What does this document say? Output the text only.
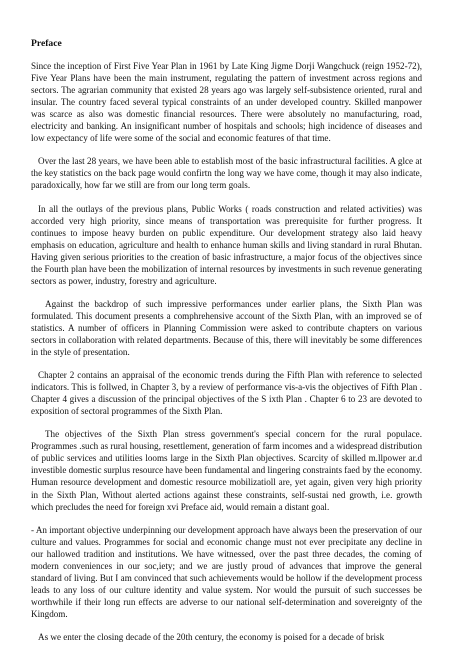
Preface

Since the inception of First Five Year Plan in 1961 by Late King Jigme Dorji Wangchuck (reign 1952-72), Five Year Plans have been the main instrument, regulating the pattern of investment across regions and sectors. The agrarian community that existed 28 years ago was largely self-subsistence oriented, rural and insular. The country faced several typical constraints of an under developed country. Skilled manpower was scarce as also was domestic financial resources. There were absolutely no manufacturing, road, electricity and banking. An insignificant number of hospitals and schools; high incidence of diseases and low expectancy of life were some of the social and economic features of that time.

Over the last 28 years, we have been able to establish most of the basic infrastructural facilities. A glce at the key statistics on the back page would confirtn the long way we have come, though it may also indicate, paradoxically, how far we still are from our long term goals.

In all the outlays of the previous plans, Public Works ( roads construction and related activities) was accorded very high priority, since means of transportation was prerequisite for further progress. It continues to impose heavy burden on public expenditure. Our development strategy also laid heavy emphasis on education, agriculture and health to enhance human skills and living standard in rural Bhutan. Having given serious priorities to the creation of basic infrastructure, a major focus of the objectives since the Fourth plan have been the mobilization of internal resources by investments in such revenue generating sectors as power, industry, forestry and agriculture.

Against the backdrop of such impressive performances under earlier plans, the Sixth Plan was formulated. This document presents a comphrehensive account of the Sixth Plan, with an improved se of statistics. A number of officers in Planning Commission were asked to contribute chapters on various sectors in collaboration with related departments. Because of this, there will inevitably be some differences in the style of presentation.

Chapter 2 contains an appraisal of the economic trends during the Fifth Plan with reference to selected indicators. This is follwed, in Chapter 3, by a review of performance vis-a-vis the objectives of Fifth Plan . Chapter 4 gives a discussion of the principal objectives of the S ixth Plan . Chapter 6 to 23 are devoted to exposition of sectoral programmes of the Sixth Plan.

The objectives of the Sixth Plan stress government's special concern for the rural populace. Programmes .such as rural housing, resettlement, generation of farm incomes and a widespread distribution of public services and utilities looms large in the Sixth Plan objectives. Scarcity of skilled m.llpower ar.d investible domestic surplus resource have been fundamental and lingering constraints faed by the economy. Human resource development and domestic resource mobilizatioll are, yet again, given very high priority in the Sixth Plan, Without alerted actions against these constraints, self-sustai ned growth, i.e. growth which precludes the need for foreign xvi Preface aid, would remain a distant goal.

- An important objective underpinning our development approach have always been the preservation of our culture and values. Programmes for social and economic change must not ever precipitate any decline in our hallowed tradition and institutions. We have witnessed, over the past three decades, the coming of modern conveniences in our soc,iety; and we are justly proud of advances that improve the general standard of living. But I am convinced that such achievements would be hollow if the development process leads to any loss of our culture identity and value system. Nor would the pursuit of such successes be worthwhile if their long run effects are adverse to our national self-determination and sovereignty of the Kingdom.

As we enter the closing decade of the 20th century, the economy is poised for a decade of brisk
